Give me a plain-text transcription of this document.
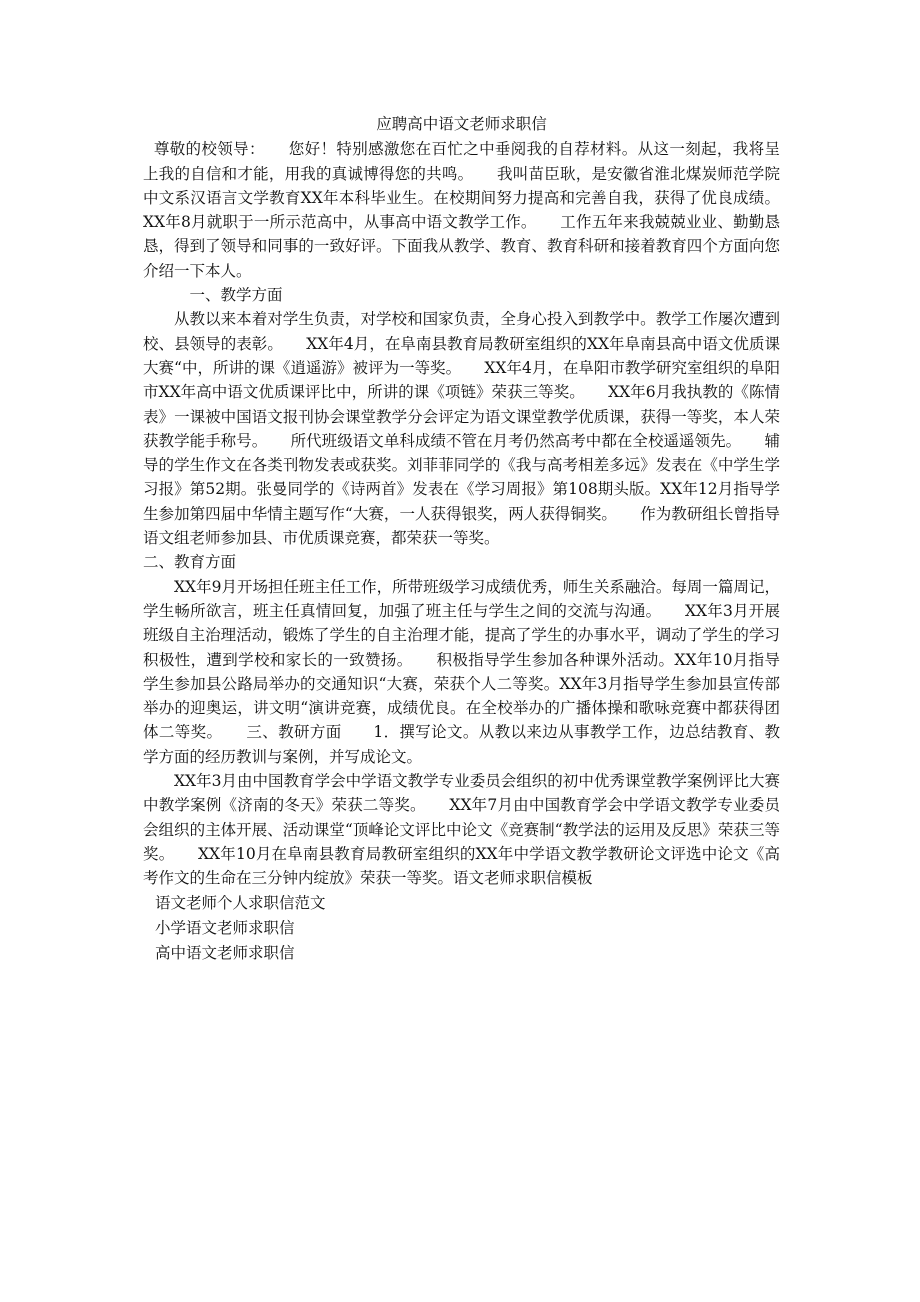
应聘高中语文老师求职信

尊敬的校领导：　　您好！特别感激您在百忙之中垂阅我的自荐材料。从这一刻起，我将呈上我的自信和才能，用我的真诚博得您的共鸣。　　我叫苗臣耿，是安徽省淮北煤炭师范学院中文系汉语言文学教育XX年本科毕业生。在校期间努力提高和完善自我，获得了优良成绩。XX年8月就职于一所示范高中，从事高中语文教学工作。　　工作五年来我兢兢业业、勤勤恳恳，得到了领导和同事的一致好评。下面我从教学、教育、教育科研和接着教育四个方面向您介绍一下本人。

一、教学方面

从教以来本着对学生负责，对学校和国家负责，全身心投入到教学中。教学工作屡次遭到校、县领导的表彰。　　XX年4月，在阜南县教育局教研室组织的XX年阜南县高中语文优质课大赛“中，所讲的课《逍遥游》被评为一等奖。　　XX年4月，在阜阳市教学研究室组织的阜阳市XX年高中语文优质课评比中，所讲的课《项链》荣获三等奖。　　XX年6月我执教的《陈情表》一课被中国语文报刊协会课堂教学分会评定为语文课堂教学优质课，获得一等奖，本人荣获教学能手称号。　　所代班级语文单科成绩不管在月考仍然高考中都在全校遥遥领先。　　辅导的学生作文在各类刊物发表或获奖。刘菲菲同学的《我与高考相差多远》发表在《中学生学习报》第52期。张曼同学的《诗两首》发表在《学习周报》第108期头版。XX年12月指导学生参加第四届中华情主题写作“大赛，一人获得银奖，两人获得铜奖。　　作为教研组长曾指导语文组老师参加县、市优质课竞赛，都荣获一等奖。

二、教育方面

XX年9月开场担任班主任工作，所带班级学习成绩优秀，师生关系融洽。每周一篇周记，学生畅所欲言，班主任真情回复，加强了班主任与学生之间的交流与沟通。　　XX年3月开展班级自主治理活动，锻炼了学生的自主治理才能，提高了学生的办事水平，调动了学生的学习积极性，遭到学校和家长的一致赞扬。　　积极指导学生参加各种课外活动。XX年10月指导学生参加县公路局举办的交通知识“大赛，荣获个人二等奖。XX年3月指导学生参加县宣传部举办的迎奥运，讲文明“演讲竞赛，成绩优良。在全校举办的广播体操和歌咏竞赛中都获得团体二等奖。　　三、教研方面　　1．撰写论文。从教以来边从事教学工作，边总结教育、教学方面的经历教训与案例，并写成论文。

XX年3月由中国教育学会中学语文教学专业委员会组织的初中优秀课堂教学案例评比大赛中教学案例《济南的冬天》荣获二等奖。　　XX年7月由中国教育学会中学语文教学专业委员会组织的主体开展、活动课堂“顶峰论文评比中论文《竞赛制“教学法的运用及反思》荣获三等奖。　　XX年10月在阜南县教育局教研室组织的XX年中学语文教学教研论文评选中论文《高考作文的生命在三分钟内绽放》荣获一等奖。语文老师求职信模板

语文老师个人求职信范文
小学语文老师求职信
高中语文老师求职信
